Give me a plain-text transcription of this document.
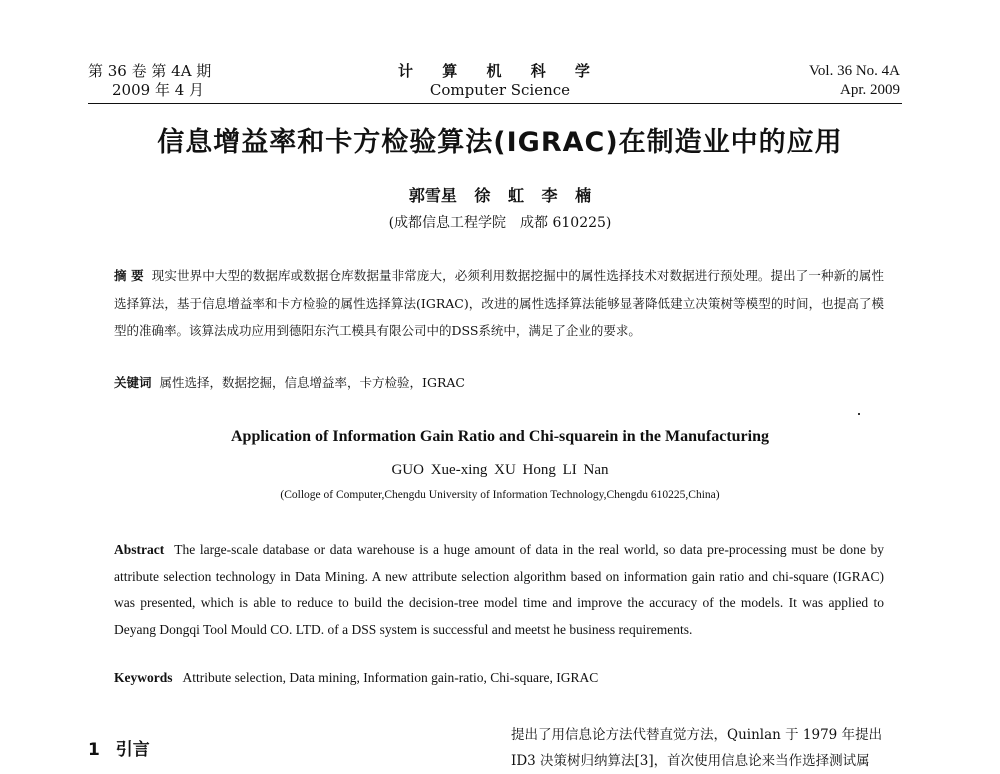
第 36 卷 第 4A 期
2009 年 4 月
计 算 机 科 学
Computer Science
Vol. 36 No. 4A
Apr. 2009
信息增益率和卡方检验算法(IGRAC)在制造业中的应用
郭雪星 徐 虹 李 楠
(成都信息工程学院　成都 610225)
摘 要 现实世界中大型的数据库或数据仓库数据量非常庞大，必须利用数据挖掘中的属性选择技术对数据进行预处理。提出了一种新的属性选择算法，基于信息增益率和卡方检验的属性选择算法(IGRAC)，改进的属性选择算法能够显著降低建立决策树等模型的时间，也提高了模型的准确率。该算法成功应用到德阳东汽工模具有限公司中的DSS系统中，满足了企业的要求。
关键词 属性选择，数据挖掘，信息增益率，卡方检验，IGRAC
Application of Information Gain Ratio and Chi-squarein in the Manufacturing
GUO Xue-xing XU Hong LI Nan
(Colloge of Computer,Chengdu University of Information Technology,Chengdu 610225,China)
Abstract The large-scale database or data warehouse is a huge amount of data in the real world, so data pre-processing must be done by attribute selection technology in Data Mining. A new attribute selection algorithm based on information gain ratio and chi-square (IGRAC) was presented, which is able to reduce to build the decision-tree model time and improve the accuracy of the models. It was applied to Deyang Dongqi Tool Mould CO. LTD. of a DSS system is successful and meetst he business requirements.
Keywords Attribute selection, Data mining, Information gain-ratio, Chi-square, IGRAC
1 引言
提出了用信息论方法代替直觉方法，Quinlan 于 1979 年提出ID3 决策树归纳算法[3]，首次使用信息论来当作选择测试属
